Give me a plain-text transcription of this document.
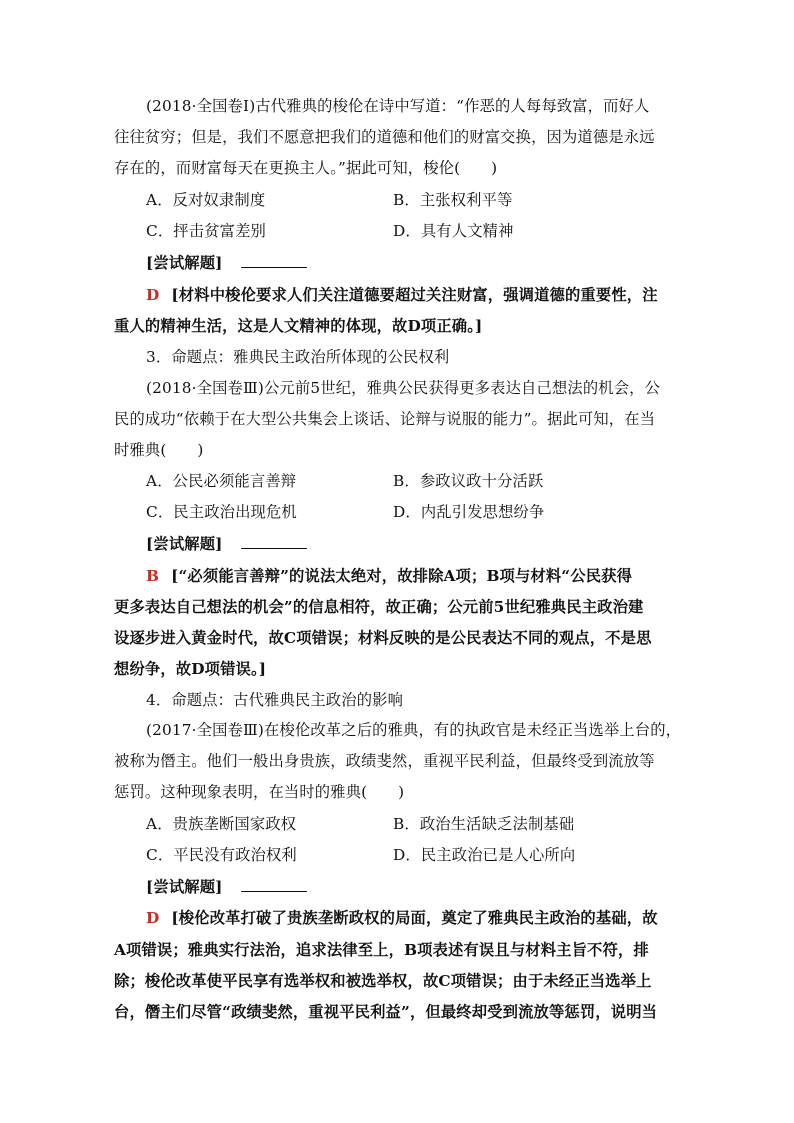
(2018·全国卷Ⅰ)古代雅典的梭伦在诗中写道：“作恶的人每每致富，而好人
往往贫穷；但是，我们不愿意把我们的道德和他们的财富交换，因为道德是永远
存在的，而财富每天在更换主人。”据此可知，梭伦(　　)
A．反对奴隶制度	B．主张权利平等
C．抨击贫富差别	D．具有人文精神
[尝试解题]
D [材料中梭伦要求人们关注道德要超过关注财富，强调道德的重要性，注
重人的精神生活，这是人文精神的体现，故D项正确。]
3．命题点：雅典民主政治所体现的公民权利
(2018·全国卷Ⅲ)公元前5世纪，雅典公民获得更多表达自己想法的机会，公
民的成功“依赖于在大型公共集会上谈话、论辩与说服的能力”。据此可知，在当
时雅典(　　)
A．公民必须能言善辩	B．参政议政十分活跃
C．民主政治出现危机	D．内乱引发思想纷争
[尝试解题]
B [“必须能言善辩”的说法太绝对，故排除A项；B项与材料“公民获得
更多表达自己想法的机会”的信息相符，故正确；公元前5世纪雅典民主政治建
设逐步进入黄金时代，故C项错误；材料反映的是公民表达不同的观点，不是思
想纷争，故D项错误。]
4．命题点：古代雅典民主政治的影响
(2017·全国卷Ⅲ)在梭伦改革之后的雅典，有的执政官是未经正当选举上台的，
被称为僭主。他们一般出身贵族，政绩斐然，重视平民利益，但最终受到流放等
惩罚。这种现象表明，在当时的雅典(　　)
A．贵族垄断国家政权	B．政治生活缺乏法制基础
C．平民没有政治权利	D．民主政治已是人心所向
[尝试解题]
D [梭伦改革打破了贵族垄断政权的局面，奠定了雅典民主政治的基础，故
A项错误；雅典实行法治，追求法律至上，B项表述有误且与材料主旨不符，排
除；梭伦改革使平民享有选举权和被选举权，故C项错误；由于未经正当选举上
台，僭主们尽管“政绩斐然，重视平民利益”，但最终却受到流放等惩罚，说明当
